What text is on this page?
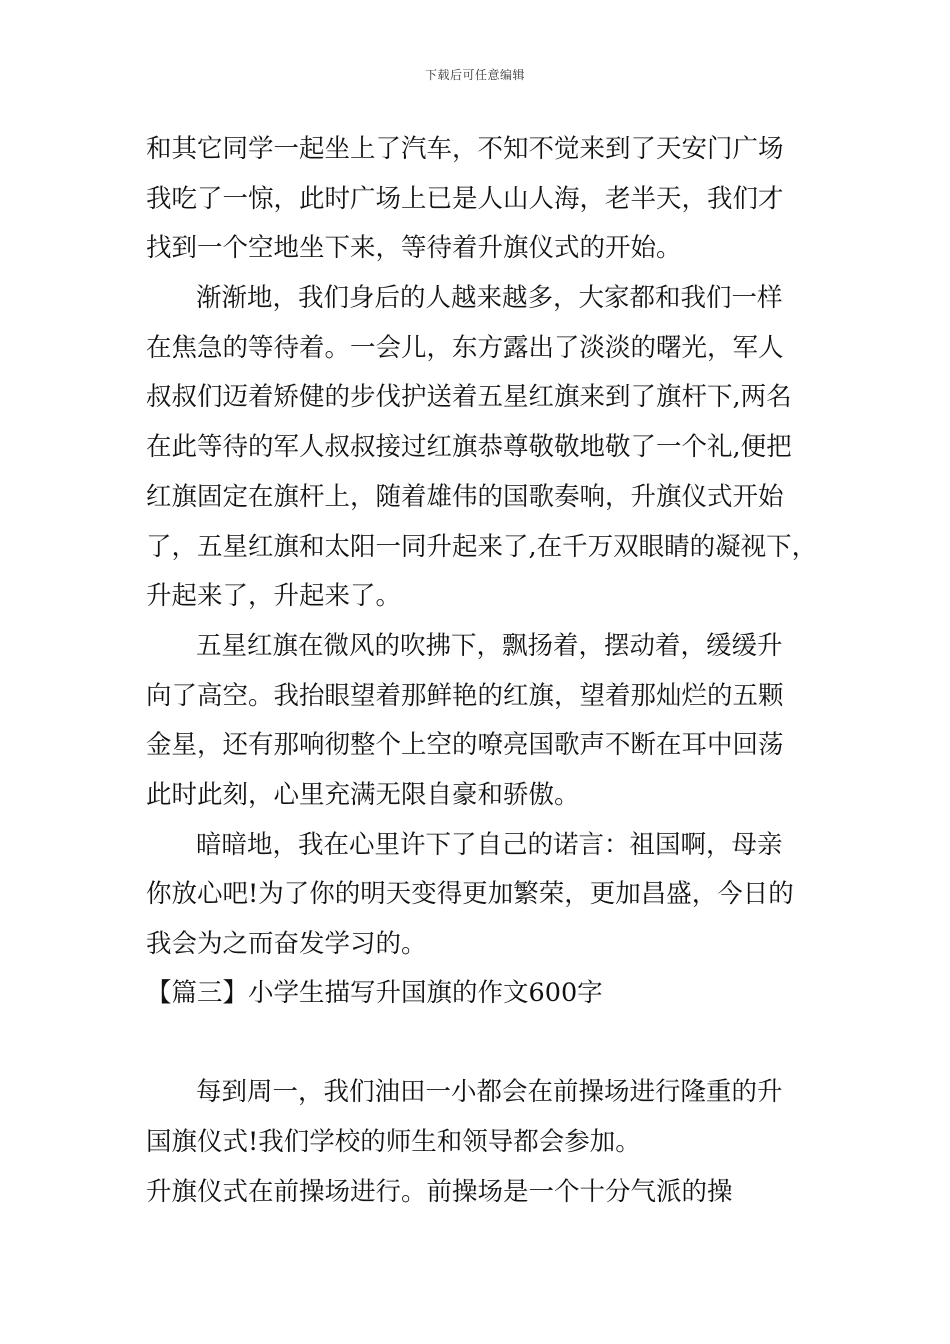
下载后可任意编辑
和其它同学一起坐上了汽车，不知不觉来到了天安门广场
我吃了一惊，此时广场上已是人山人海，老半天，我们才
找到一个空地坐下来，等待着升旗仪式的开始。
渐渐地，我们身后的人越来越多，大家都和我们一样
在焦急的等待着。一会儿，东方露出了淡淡的曙光，军人
叔叔们迈着矫健的步伐护送着五星红旗来到了旗杆下,两名
在此等待的军人叔叔接过红旗恭尊敬敬地敬了一个礼,便把
红旗固定在旗杆上，随着雄伟的国歌奏响，升旗仪式开始
了，五星红旗和太阳一同升起来了,在千万双眼睛的凝视下，
升起来了，升起来了。
五星红旗在微风的吹拂下，飘扬着，摆动着，缓缓升
向了高空。我抬眼望着那鲜艳的红旗，望着那灿烂的五颗
金星，还有那响彻整个上空的嘹亮国歌声不断在耳中回荡
此时此刻，心里充满无限自豪和骄傲。
暗暗地，我在心里许下了自己的诺言：祖国啊，母亲
你放心吧!为了你的明天变得更加繁荣，更加昌盛，今日的
我会为之而奋发学习的。
【篇三】小学生描写升国旗的作文600字
每到周一，我们油田一小都会在前操场进行隆重的升
国旗仪式!我们学校的师生和领导都会参加。
升旗仪式在前操场进行。前操场是一个十分气派的操
